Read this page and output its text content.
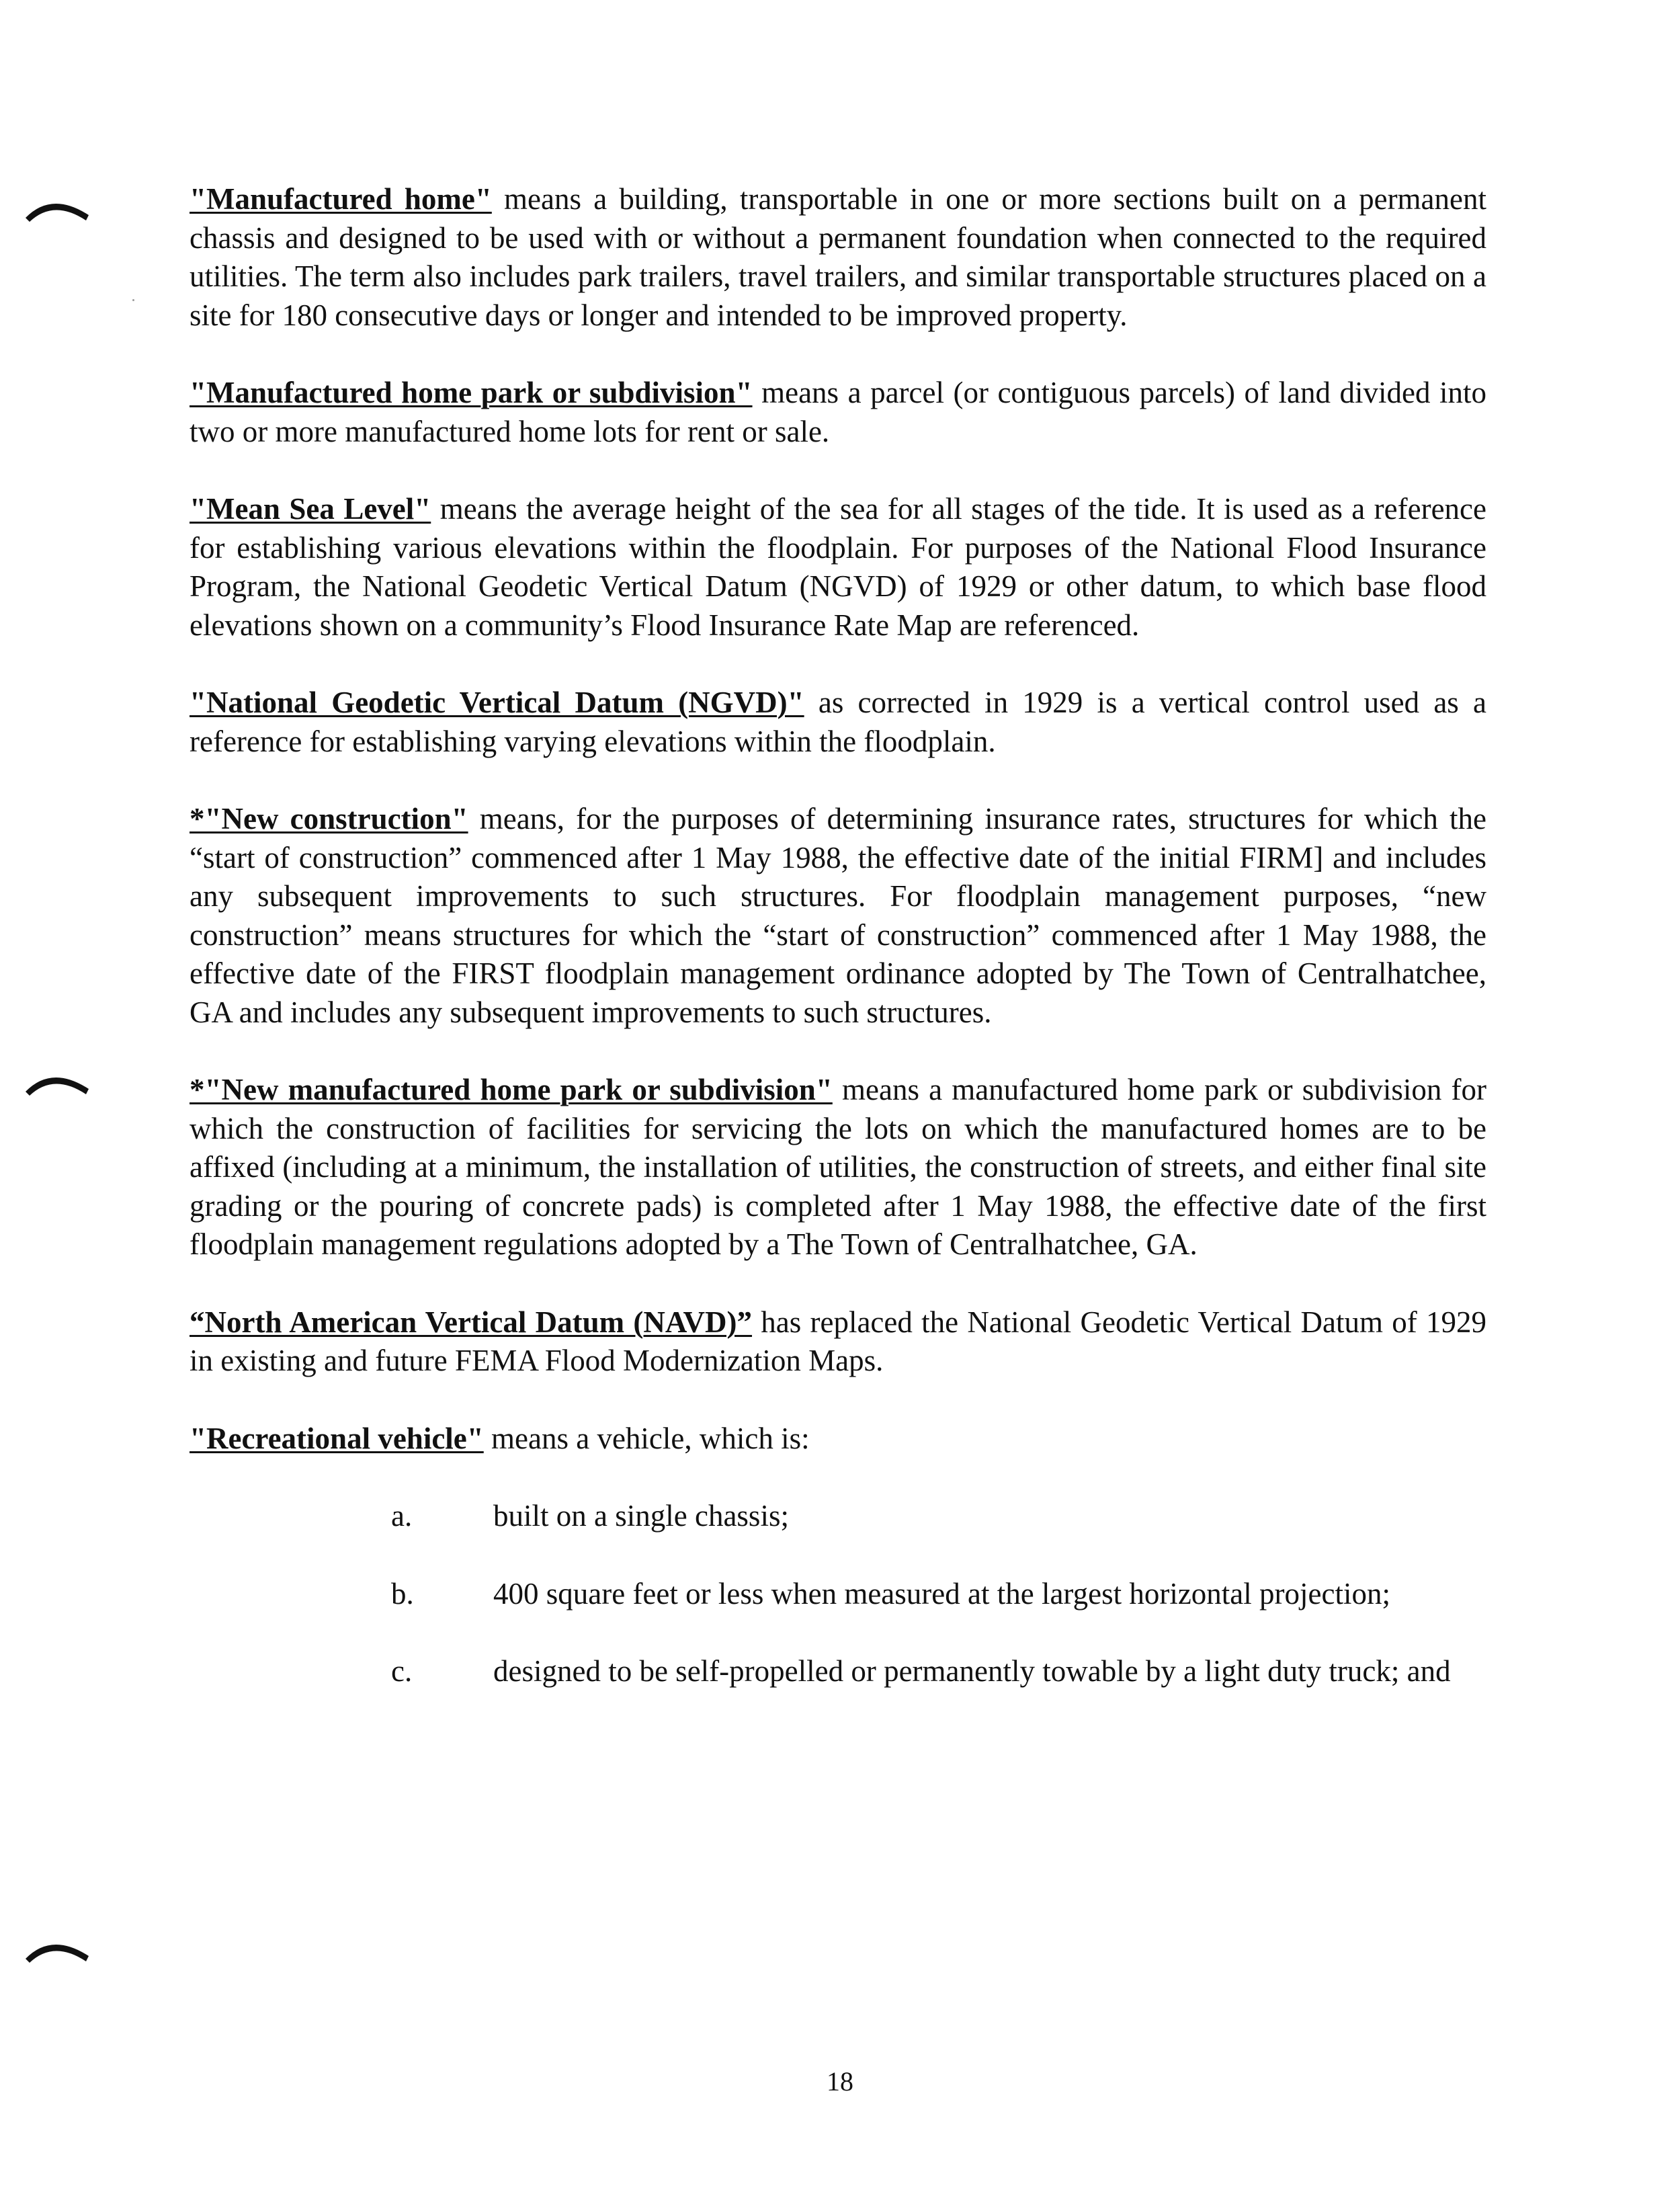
"Manufactured home" means a building, transportable in one or more sections built on a permanent chassis and designed to be used with or without a permanent foundation when connected to the required utilities. The term also includes park trailers, travel trailers, and similar transportable structures placed on a site for 180 consecutive days or longer and intended to be improved property.

"Manufactured home park or subdivision" means a parcel (or contiguous parcels) of land divided into two or more manufactured home lots for rent or sale.

"Mean Sea Level" means the average height of the sea for all stages of the tide. It is used as a reference for establishing various elevations within the floodplain. For purposes of the National Flood Insurance Program, the National Geodetic Vertical Datum (NGVD) of 1929 or other datum, to which base flood elevations shown on a community’s Flood Insurance Rate Map are referenced.

"National Geodetic Vertical Datum (NGVD)" as corrected in 1929 is a vertical control used as a reference for establishing varying elevations within the floodplain.

*"New construction" means, for the purposes of determining insurance rates, structures for which the “start of construction” commenced after 1 May 1988, the effective date of the initial FIRM] and includes any subsequent improvements to such structures. For floodplain management purposes, “new construction” means structures for which the “start of construction” commenced after 1 May 1988, the effective date of the FIRST floodplain management ordinance adopted by The Town of Centralhatchee, GA and includes any subsequent improvements to such structures.

*"New manufactured home park or subdivision" means a manufactured home park or subdivision for which the construction of facilities for servicing the lots on which the manufactured homes are to be affixed (including at a minimum, the installation of utilities, the construction of streets, and either final site grading or the pouring of concrete pads) is completed after 1 May 1988, the effective date of the first floodplain management regulations adopted by a The Town of Centralhatchee, GA.

“North American Vertical Datum (NAVD)” has replaced the National Geodetic Vertical Datum of 1929 in existing and future FEMA Flood Modernization Maps.

"Recreational vehicle" means a vehicle, which is:

a.	built on a single chassis;
b.	400 square feet or less when measured at the largest horizontal projection;
c.	designed to be self-propelled or permanently towable by a light duty truck; and
18
